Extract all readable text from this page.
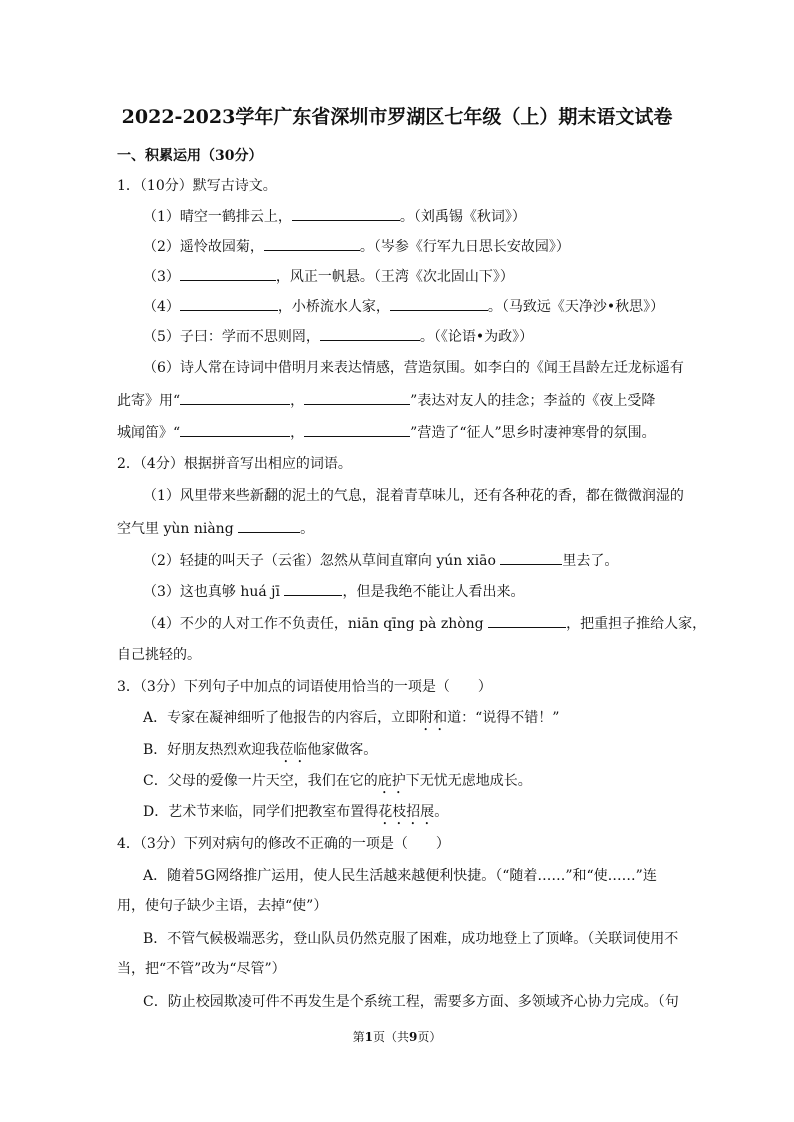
2022-2023学年广东省深圳市罗湖区七年级（上）期末语文试卷
一、积累运用（30分）
1．（10分）默写古诗文。
（1）晴空一鹤排云上，	。（刘禹锡《秋词》）
（2）遥怜故园菊，	。（岑参《行军九日思长安故园》）
（3）	，风正一帆悬。（王湾《次北固山下》）
（4）	，小桥流水人家，	。（马致远《天净沙•秋思》）
（5）子曰：学而不思则罔，	。（《论语•为政》）
（6）诗人常在诗词中借明月来表达情感，营造氛围。如李白的《闻王昌龄左迁龙标遥有
此寄》用“	，	”表达对友人的挂念；李益的《夜上受降
城闻笛》“	，	”营造了“征人”思乡时凄神寒骨的氛围。
2．（4分）根据拼音写出相应的词语。
（1）风里带来些新翻的泥土的气息，混着青草味儿，还有各种花的香，都在微微润湿的
空气里 yùn niàng	。
（2）轻捷的叫天子（云雀）忽然从草间直窜向 yún xiāo	里去了。
（3）这也真够 huá jī	，但是我绝不能让人看出来。
（4）不少的人对工作不负责任，niān qīng pà zhòng	，把重担子推给人家，
自己挑轻的。
3．（3分）下列句子中加点的词语使用恰当的一项是（　　）
A．专家在凝神细听了他报告的内容后，立即附和道：“说得不错！”
B．好朋友热烈欢迎我莅临他家做客。
C．父母的爱像一片天空，我们在它的庇护下无忧无虑地成长。
D．艺术节来临，同学们把教室布置得花枝招展。
4．（3分）下列对病句的修改不正确的一项是（　　）
A．随着5G网络推广运用，使人民生活越来越便利快捷。（“随着……”和“使……”连
用，使句子缺少主语，去掉“使”）
B．不管气候极端恶劣，登山队员仍然克服了困难，成功地登上了顶峰。（关联词使用不
当，把“不管”改为“尽管”）
C．防止校园欺凌可件不再发生是个系统工程，需要多方面、多领域齐心协力完成。（句
第1页（共9页）
